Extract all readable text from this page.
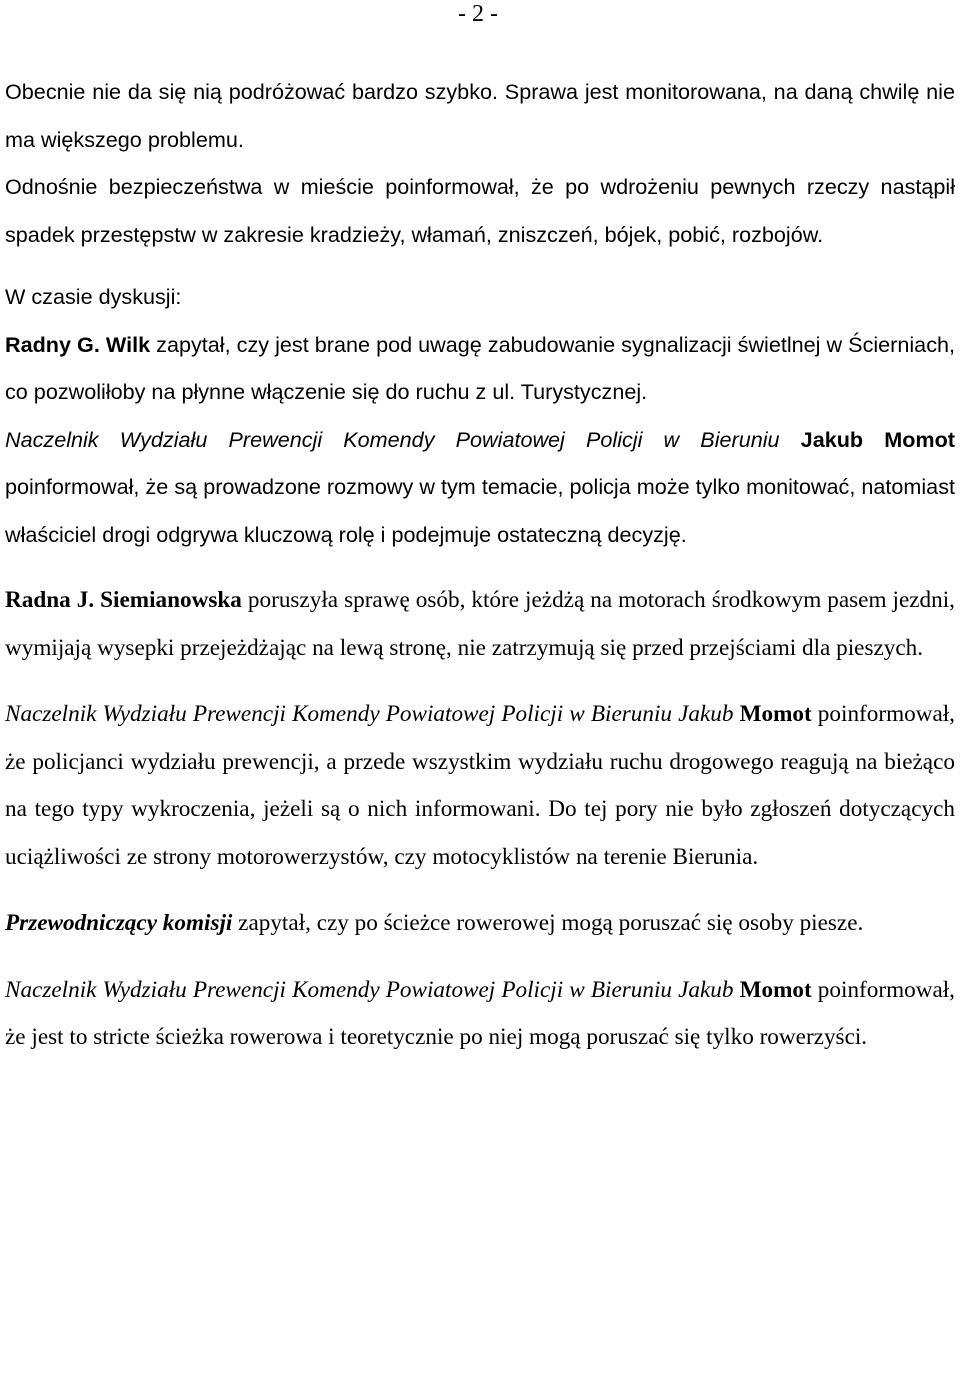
- 2 -

Obecnie nie da się nią podróżować bardzo szybko. Sprawa jest monitorowana, na daną chwilę nie ma większego problemu.

Odnośnie bezpieczeństwa w mieście poinformował, że po wdrożeniu pewnych rzeczy nastąpił spadek przestępstw w zakresie kradzieży, włamań, zniszczeń, bójek, pobić, rozbojów.

W czasie dyskusji:

Radny G. Wilk zapytał, czy jest brane pod uwagę zabudowanie sygnalizacji świetlnej w Ścierniach, co pozwoliłoby na płynne włączenie się do ruchu z ul. Turystycznej.

Naczelnik Wydziału Prewencji Komendy Powiatowej Policji w Bieruniu Jakub Momot poinformował, że są prowadzone rozmowy w tym temacie, policja może tylko monitować, natomiast właściciel drogi odgrywa kluczową rolę i podejmuje ostateczną decyzję.

Radna J. Siemianowska poruszyła sprawę osób, które jeżdżą na motorach środkowym pasem jezdni, wymijają wysepki przejeżdżając na lewą stronę, nie zatrzymują się przed przejściami dla pieszych.

Naczelnik Wydziału Prewencji Komendy Powiatowej Policji w Bieruniu Jakub Momot poinformował, że policjanci wydziału prewencji, a przede wszystkim wydziału ruchu drogowego reagują na bieżąco na tego typy wykroczenia, jeżeli są o nich informowani. Do tej pory nie było zgłoszeń dotyczących uciążliwości ze strony motorowerzystów, czy motocyklistów na terenie Bierunia.

Przewodniczący komisji zapytał, czy po ścieżce rowerowej mogą poruszać się osoby piesze.

Naczelnik Wydziału Prewencji Komendy Powiatowej Policji w Bieruniu Jakub Momot poinformował, że jest to stricte ścieżka rowerowa i teoretycznie po niej mogą poruszać się tylko rowerzyści.
